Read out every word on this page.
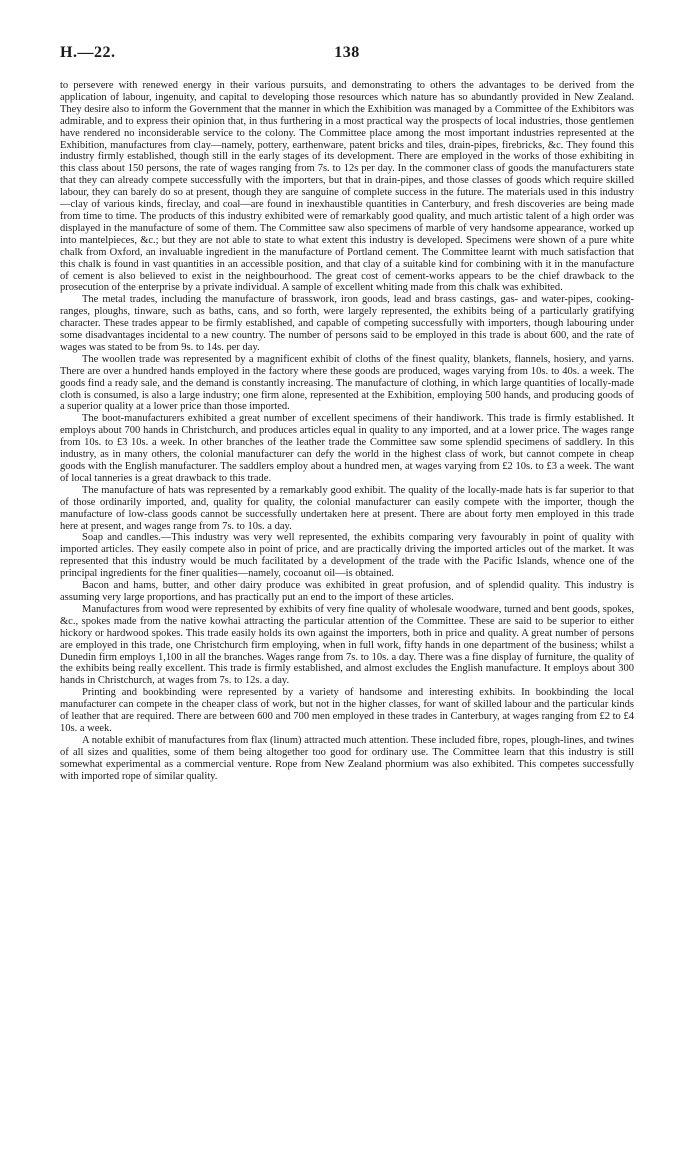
H.—22.	138

to persevere with renewed energy in their various pursuits, and demonstrating to others the advantages to be derived from the application of labour, ingenuity, and capital to developing those resources which nature has so abundantly provided in New Zealand. They desire also to inform the Government that the manner in which the Exhibition was managed by a Committee of the Exhibitors was admirable, and to express their opinion that, in thus furthering in a most practical way the prospects of local industries, those gentlemen have rendered no inconsiderable service to the colony. The Committee place among the most important industries represented at the Exhibition, manufactures from clay—namely, pottery, earthenware, patent bricks and tiles, drain-pipes, firebricks, &c. They found this industry firmly established, though still in the early stages of its development. There are employed in the works of those exhibiting in this class about 150 persons, the rate of wages ranging from 7s. to 12s per day. In the commoner class of goods the manufacturers state that they can already compete successfully with the importers, but that in drain-pipes, and those classes of goods which require skilled labour, they can barely do so at present, though they are sanguine of complete success in the future. The materials used in this industry—clay of various kinds, fireclay, and coal—are found in inexhaustible quantities in Canterbury, and fresh discoveries are being made from time to time. The products of this industry exhibited were of remarkably good quality, and much artistic talent of a high order was displayed in the manufacture of some of them. The Committee saw also specimens of marble of very handsome appearance, worked up into mantelpieces, &c.; but they are not able to state to what extent this industry is developed. Specimens were shown of a pure white chalk from Oxford, an invaluable ingredient in the manufacture of Portland cement. The Committee learnt with much satisfaction that this chalk is found in vast quantities in an accessible position, and that clay of a suitable kind for combining with it in the manufacture of cement is also believed to exist in the neighbourhood. The great cost of cement-works appears to be the chief drawback to the prosecution of the enterprise by a private individual. A sample of excellent whiting made from this chalk was exhibited.

The metal trades, including the manufacture of brasswork, iron goods, lead and brass castings, gas- and water-pipes, cooking-ranges, ploughs, tinware, such as baths, cans, and so forth, were largely represented, the exhibits being of a particularly gratifying character. These trades appear to be firmly established, and capable of competing successfully with importers, though labouring under some disadvantages incidental to a new country. The number of persons said to be employed in this trade is about 600, and the rate of wages was stated to be from 9s. to 14s. per day.

The woollen trade was represented by a magnificent exhibit of cloths of the finest quality, blankets, flannels, hosiery, and yarns. There are over a hundred hands employed in the factory where these goods are produced, wages varying from 10s. to 40s. a week. The goods find a ready sale, and the demand is constantly increasing. The manufacture of clothing, in which large quantities of locally-made cloth is consumed, is also a large industry; one firm alone, represented at the Exhibition, employing 500 hands, and producing goods of a superior quality at a lower price than those imported.

The boot-manufacturers exhibited a great number of excellent specimens of their handiwork. This trade is firmly established. It employs about 700 hands in Christchurch, and produces articles equal in quality to any imported, and at a lower price. The wages range from 10s. to £3 10s. a week. In other branches of the leather trade the Committee saw some splendid specimens of saddlery. In this industry, as in many others, the colonial manufacturer can defy the world in the highest class of work, but cannot compete in cheap goods with the English manufacturer. The saddlers employ about a hundred men, at wages varying from £2 10s. to £3 a week. The want of local tanneries is a great drawback to this trade.

The manufacture of hats was represented by a remarkably good exhibit. The quality of the locally-made hats is far superior to that of those ordinarily imported, and, quality for quality, the colonial manufacturer can easily compete with the importer, though the manufacture of low-class goods cannot be successfully undertaken here at present. There are about forty men employed in this trade here at present, and wages range from 7s. to 10s. a day.

Soap and candles.—This industry was very well represented, the exhibits comparing very favourably in point of quality with imported articles. They easily compete also in point of price, and are practically driving the imported articles out of the market. It was represented that this industry would be much facilitated by a development of the trade with the Pacific Islands, whence one of the principal ingredients for the finer qualities—namely, cocoanut oil—is obtained.

Bacon and hams, butter, and other dairy produce was exhibited in great profusion, and of splendid quality. This industry is assuming very large proportions, and has practically put an end to the import of these articles.

Manufactures from wood were represented by exhibits of very fine quality of wholesale woodware, turned and bent goods, spokes, &c., spokes made from the native kowhai attracting the particular attention of the Committee. These are said to be superior to either hickory or hardwood spokes. This trade easily holds its own against the importers, both in price and quality. A great number of persons are employed in this trade, one Christchurch firm employing, when in full work, fifty hands in one department of the business; whilst a Dunedin firm employs 1,100 in all the branches. Wages range from 7s. to 10s. a day. There was a fine display of furniture, the quality of the exhibits being really excellent. This trade is firmly established, and almost excludes the English manufacture. It employs about 300 hands in Christchurch, at wages from 7s. to 12s. a day.

Printing and bookbinding were represented by a variety of handsome and interesting exhibits. In bookbinding the local manufacturer can compete in the cheaper class of work, but not in the higher classes, for want of skilled labour and the particular kinds of leather that are required. There are between 600 and 700 men employed in these trades in Canterbury, at wages ranging from £2 to £4 10s. a week.

A notable exhibit of manufactures from flax (linum) attracted much attention. These included fibre, ropes, plough-lines, and twines of all sizes and qualities, some of them being altogether too good for ordinary use. The Committee learn that this industry is still somewhat experimental as a commercial venture. Rope from New Zealand phormium was also exhibited. This competes successfully with imported rope of similar quality.
